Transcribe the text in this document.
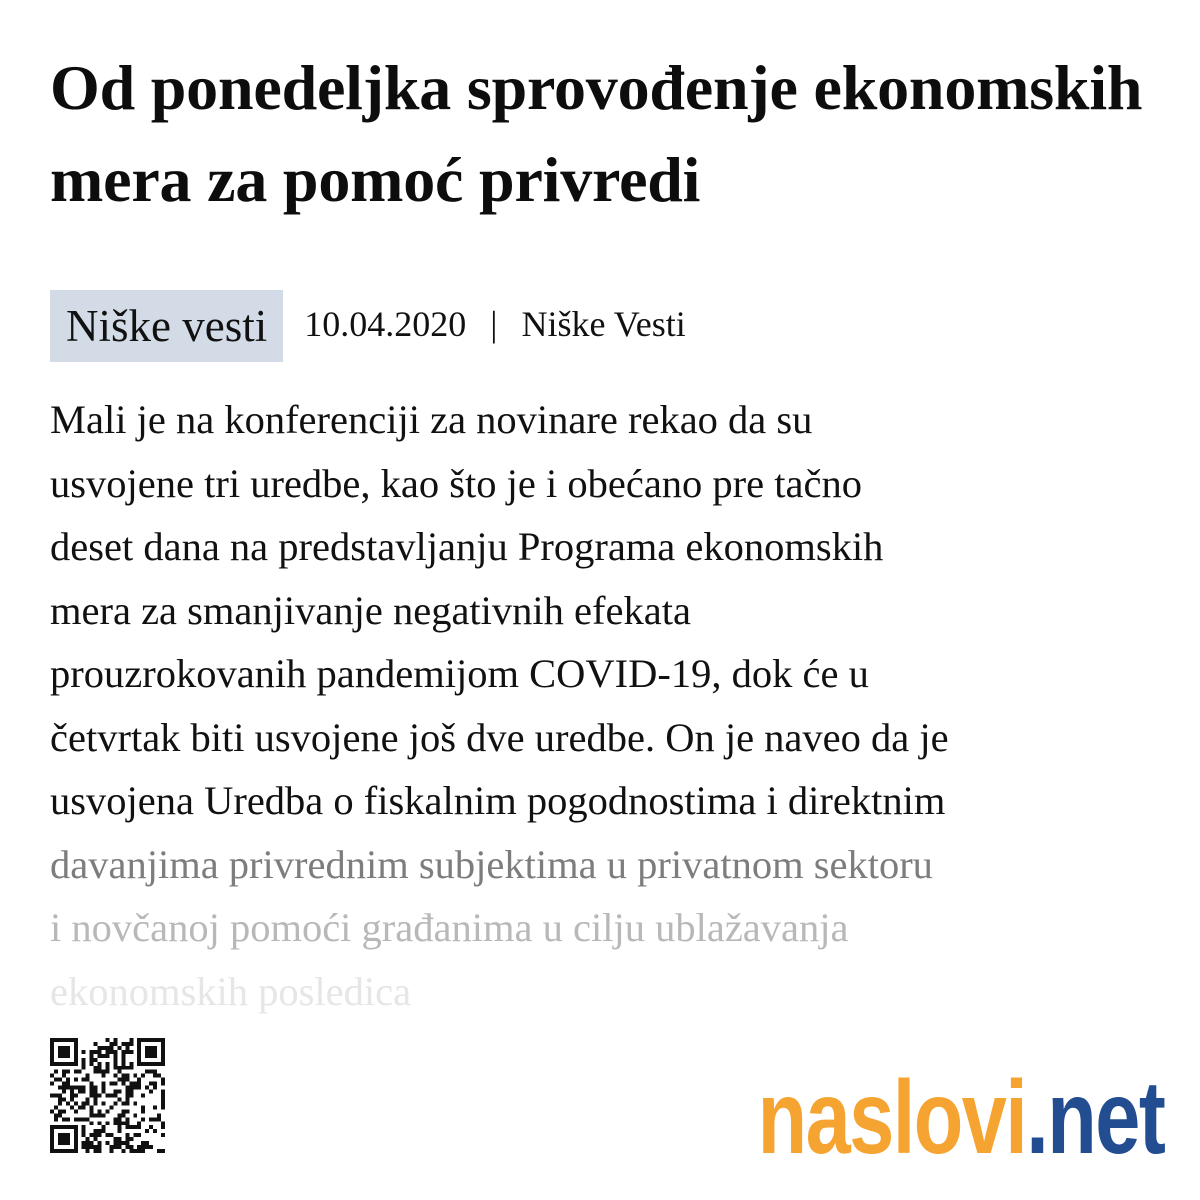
Od ponedeljka sprovođenje ekonomskih mera za pomoć privredi
Niške vesti	10.04.2020 | Niške Vesti
Mali je na konferenciji za novinare rekao da su
usvojene tri uredbe, kao što je i obećano pre tačno
deset dana na predstavljanju Programa ekonomskih
mera za smanjivanje negativnih efekata
prouzrokovanih pandemijom COVID-19, dok će u
četvrtak biti usvojene još dve uredbe. On je naveo da je
usvojena Uredba o fiskalnim pogodnostima i direktnim
davanjima privrednim subjektima u privatnom sektoru
i novčanoj pomoći građanima u cilju ublažavanja
ekonomskih posledica
naslovi .net
